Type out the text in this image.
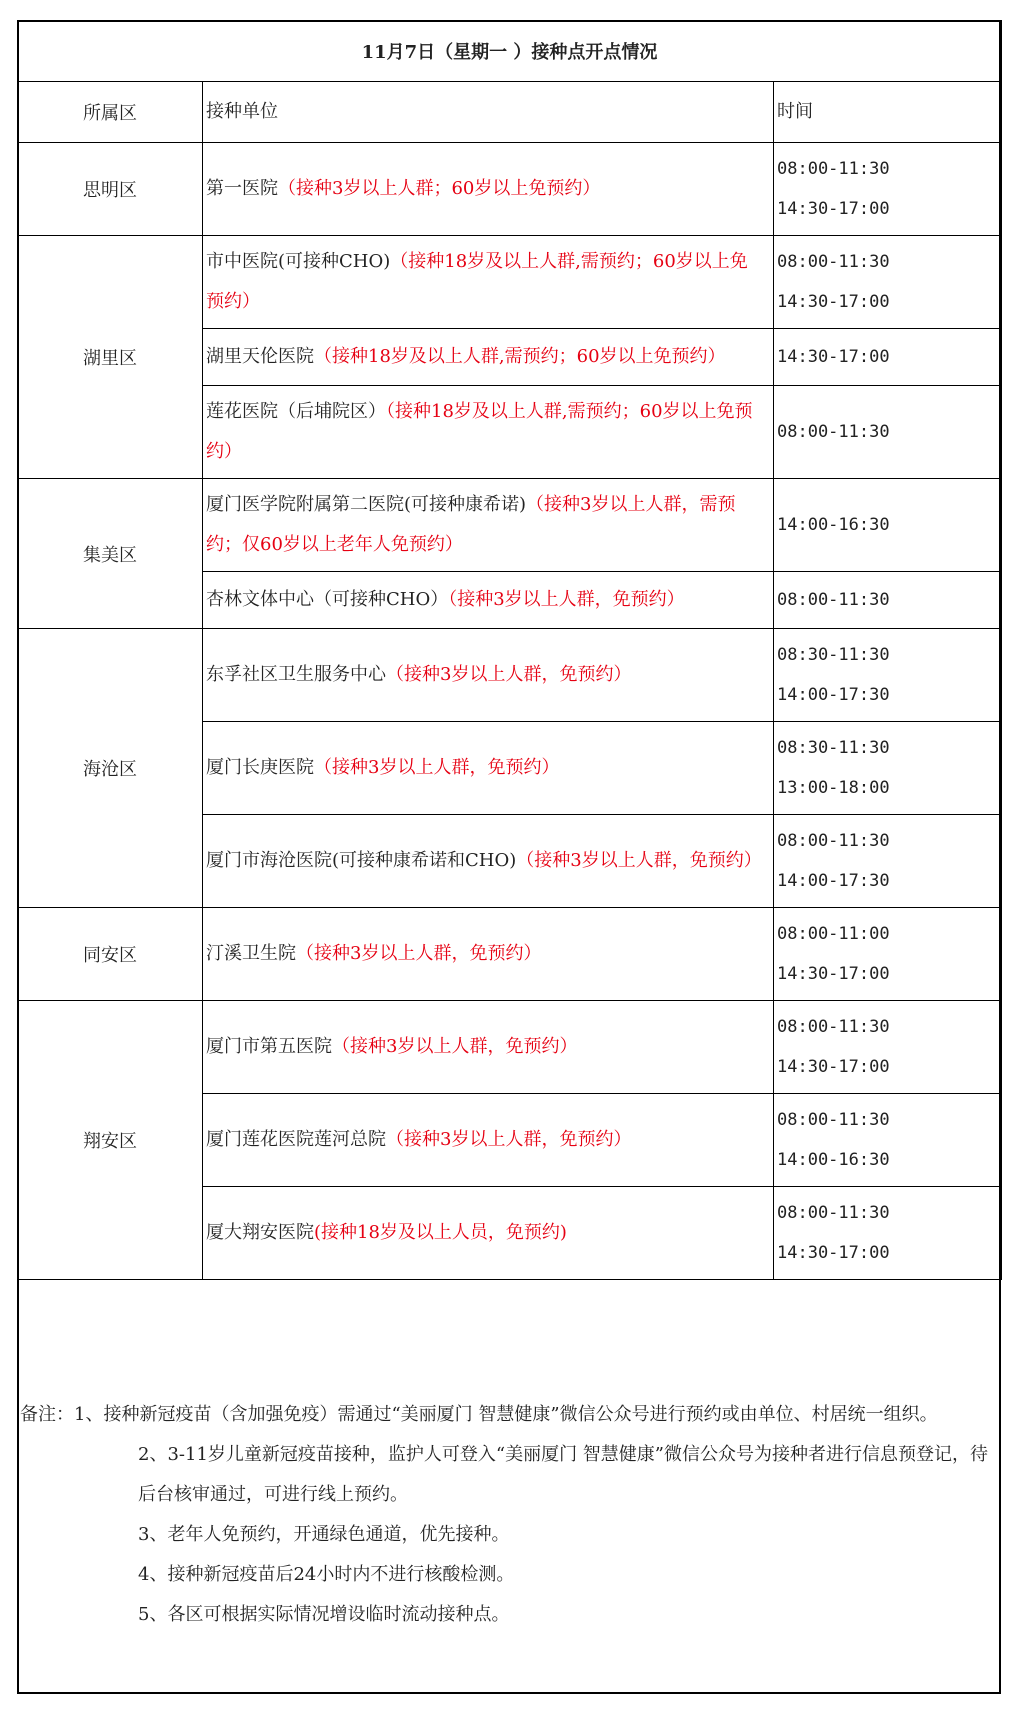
11月7日（星期一 ）接种点开点情况		
所属区	接种单位	时间
思明区	第一医院（接种3岁以上人群；60岁以上免预约）	08:00-11:30
14:30-17:00

湖里区	市中医院(可接种CHO)（接种18岁及以上人群,需预约；60岁以上免预约）	08:00-11:30
14:30-17:00

	湖里天伦医院（接种18岁及以上人群,需预约；60岁以上免预约）	14:30-17:00

	莲花医院（后埔院区）（接种18岁及以上人群,需预约；60岁以上免预约）	08:00-11:30

集美区	厦门医学院附属第二医院(可接种康希诺)（接种3岁以上人群，需预约；仅60岁以上老年人免预约）	14:00-16:30

	杏林文体中心（可接种CHO）（接种3岁以上人群，免预约）	08:00-11:30

海沧区	东孚社区卫生服务中心（接种3岁以上人群，免预约）	08:30-11:30
14:00-17:30

	厦门长庚医院（接种3岁以上人群，免预约）	08:30-11:30
13:00-18:00

	厦门市海沧医院(可接种康希诺和CHO)（接种3岁以上人群，免预约）	08:00-11:30
14:00-17:30

同安区	汀溪卫生院（接种3岁以上人群，免预约）	08:00-11:00
14:30-17:00

翔安区	厦门市第五医院（接种3岁以上人群，免预约）	08:00-11:30
14:30-17:00

	厦门莲花医院莲河总院（接种3岁以上人群，免预约）	08:00-11:30
14:00-16:30

	厦大翔安医院(接种18岁及以上人员，免预约)	08:00-11:30
14:30-17:00

备注：1、接种新冠疫苗（含加强免疫）需通过“美丽厦门 智慧健康”微信公众号进行预约或由单位、村居统一组织。

2、3-11岁儿童新冠疫苗接种，监护人可登入“美丽厦门 智慧健康”微信公众号为接种者进行信息预登记，待后台核审通过，可进行线上预约。

3、老年人免预约，开通绿色通道，优先接种。

4、接种新冠疫苗后24小时内不进行核酸检测。

5、各区可根据实际情况增设临时流动接种点。
